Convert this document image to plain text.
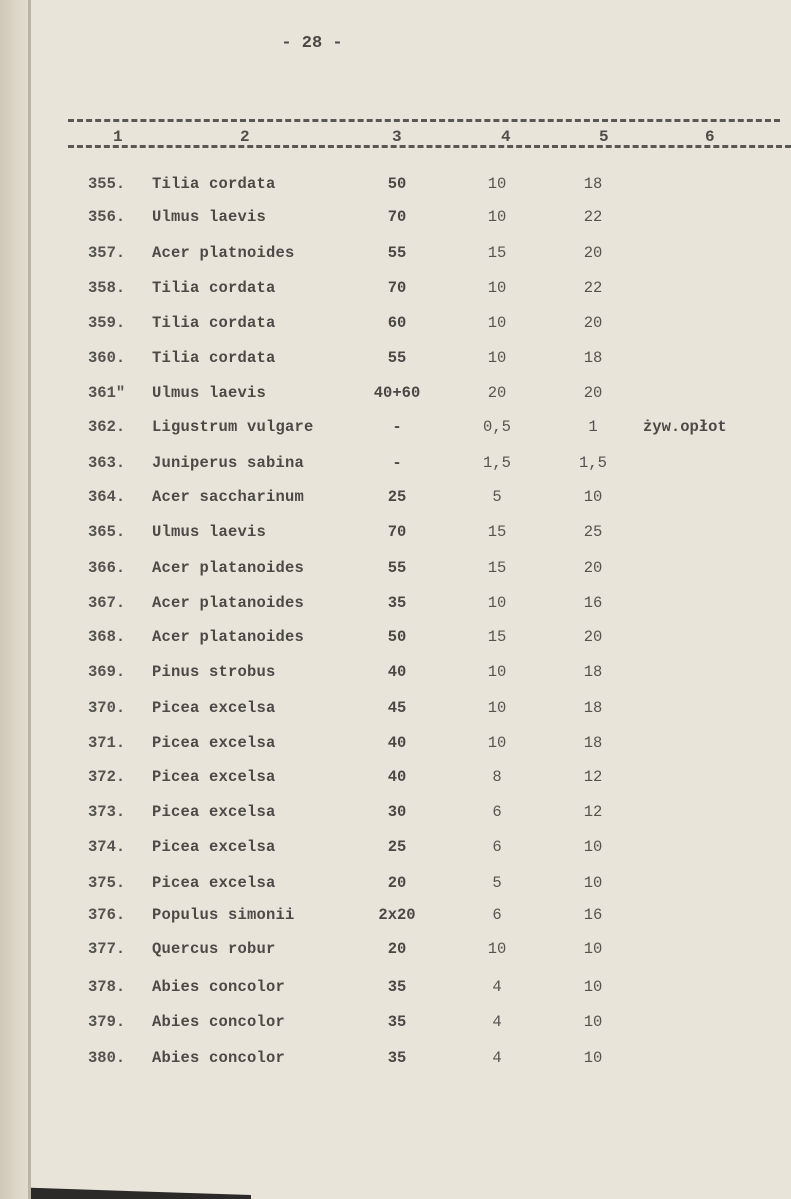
- 28 -
1	2	3	4	5	6
355.	Tilia cordata	50	10	18
356.	Ulmus laevis	70	10	22
357.	Acer platnoides	55	15	20
358.	Tilia cordata	70	10	22
359.	Tilia cordata	60	10	20
360.	Tilia cordata	55	10	18
361"	Ulmus laevis	40+60	20	20
362.	Ligustrum vulgare	-	0,5	1	żyw.opłot
363.	Juniperus sabina	-	1,5	1,5
364.	Acer saccharinum	25	5	10
365.	Ulmus laevis	70	15	25
366.	Acer platanoides	55	15	20
367.	Acer platanoides	35	10	16
368.	Acer platanoides	50	15	20
369.	Pinus strobus	40	10	18
370.	Picea excelsa	45	10	18
371.	Picea excelsa	40	10	18
372.	Picea excelsa	40	8	12
373.	Picea excelsa	30	6	12
374.	Picea excelsa	25	6	10
375.	Picea excelsa	20	5	10
376.	Populus simonii	2x20	6	16
377.	Quercus robur	20	10	10
378.	Abies concolor	35	4	10
379.	Abies concolor	35	4	10
380.	Abies concolor	35	4	10
